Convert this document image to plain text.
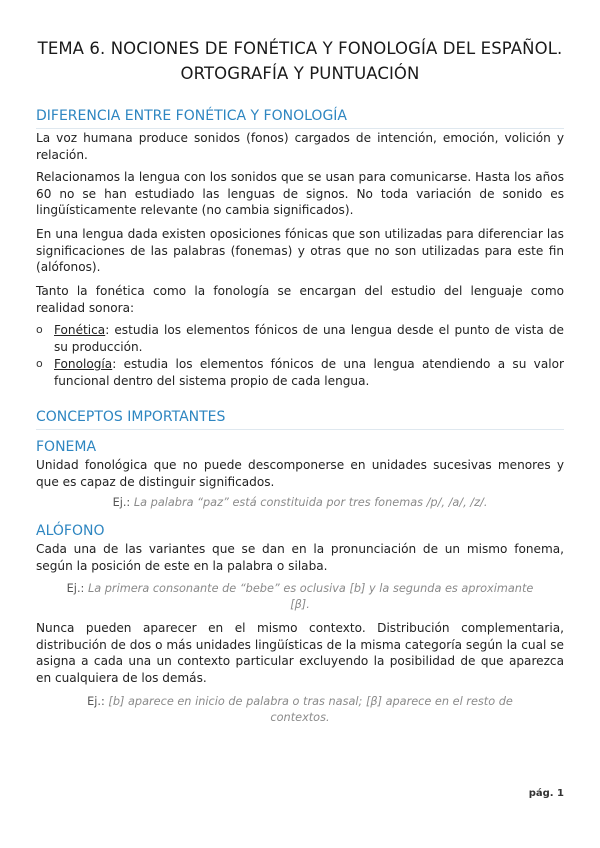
TEMA 6. NOCIONES DE FONÉTICA Y FONOLOGÍA DEL ESPAÑOL. ORTOGRAFÍA Y PUNTUACIÓN
DIFERENCIA ENTRE FONÉTICA Y FONOLOGÍA
La voz humana produce sonidos (fonos) cargados de intención, emoción, volición y relación.
Relacionamos la lengua con los sonidos que se usan para comunicarse. Hasta los años 60 no se han estudiado las lenguas de signos. No toda variación de sonido es lingüísticamente relevante (no cambia significados).
En una lengua dada existen oposiciones fónicas que son utilizadas para diferenciar las significaciones de las palabras (fonemas) y otras que no son utilizadas para este fin (alófonos).
Tanto la fonética como la fonología se encargan del estudio del lenguaje como realidad sonora:
o Fonética: estudia los elementos fónicos de una lengua desde el punto de vista de su producción.
o Fonología: estudia los elementos fónicos de una lengua atendiendo a su valor funcional dentro del sistema propio de cada lengua.
CONCEPTOS IMPORTANTES
FONEMA
Unidad fonológica que no puede descomponerse en unidades sucesivas menores y que es capaz de distinguir significados.
Ej.: La palabra “paz” está constituida por tres fonemas /p/, /a/, /z/.
ALÓFONO
Cada una de las variantes que se dan en la pronunciación de un mismo fonema, según la posición de este en la palabra o silaba.
Ej.: La primera consonante de “bebe” es oclusiva [b] y la segunda es aproximante [β].
Nunca pueden aparecer en el mismo contexto. Distribución complementaria, distribución de dos o más unidades lingüísticas de la misma categoría según la cual se asigna a cada una un contexto particular excluyendo la posibilidad de que aparezca en cualquiera de los demás.
Ej.: [b] aparece en inicio de palabra o tras nasal; [β] aparece en el resto de contextos.
pág. 1
